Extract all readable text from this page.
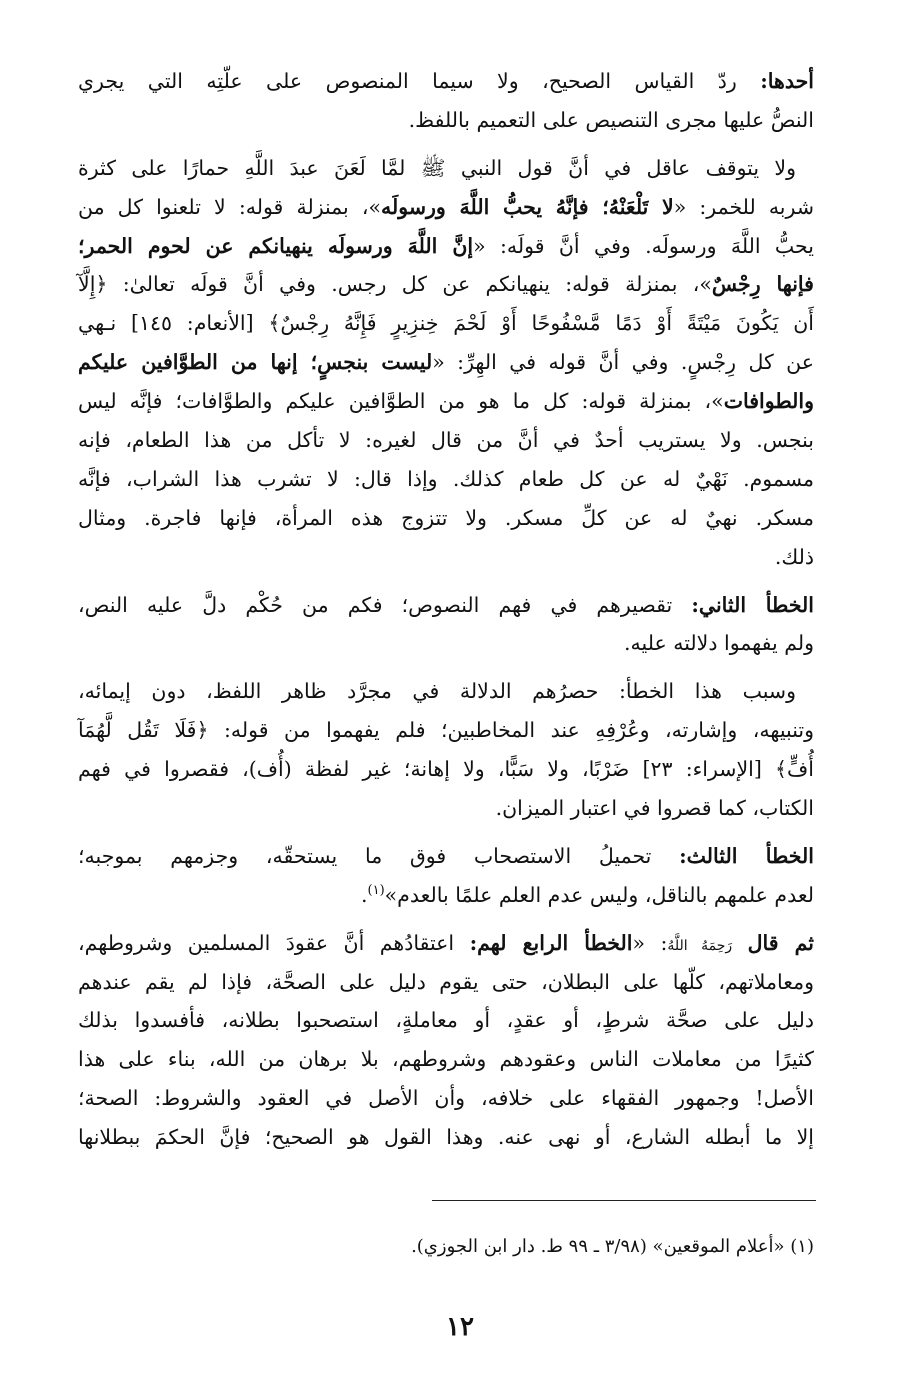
أحدها: ردّ القياس الصحيح، ولا سيما المنصوص على علّتِه التي يجري
النصُّ عليها مجرى التنصيص على التعميم باللفظ.
ولا يتوقف عاقل في أنَّ قول النبي ﷺ لمَّا لَعَنَ عبدَ اللَّهِ حمارًا على كثرة
شربه للخمر: «لا تَلْعَنْهُ؛ فإنَّهُ يحبُّ اللَّهَ ورسولَه»، بمنزلة قوله: لا تلعنوا كل من
يحبُّ اللَّهَ ورسولَه. وفي أنَّ قولَه: «إنَّ اللَّهَ ورسولَه ينهيانكم عن لحوم الحمر؛
فإنها رِجْسٌ»، بمنزلة قوله: ينهيانكم عن كل رجس. وفي أنَّ قولَه تعالىٰ: ﴿إِلَّآ
أَن يَكُونَ مَيْتَةً أَوْ دَمًا مَّسْفُوحًا أَوْ لَحْمَ خِنزِيرٍ فَإِنَّهُ رِجْسٌ﴾ [الأنعام: ١٤٥] نـهي
عن كل رِجْسٍ. وفي أنَّ قوله في الهِرِّ: «ليست بنجسٍ؛ إنها من الطوَّافين عليكم
والطوافات»، بمنزلة قوله: كل ما هو من الطوَّافين عليكم والطوَّافات؛ فإنَّه ليس
بنجس. ولا يستريب أحدٌ في أنَّ من قال لغيره: لا تأكل من هذا الطعام، فإنه
مسموم. نَهْيٌ له عن كل طعام كذلك. وإذا قال: لا تشرب هذا الشراب، فإنَّه
مسكر. نهيٌ له عن كلِّ مسكر. ولا تتزوج هذه المرأة، فإنها فاجرة. ومثال
ذلك.
الخطأ الثاني: تقصيرهم في فهم النصوص؛ فكم من حُكْم دلَّ عليه النص،
ولم يفهموا دلالته عليه.
وسبب هذا الخطأ: حصرُهم الدلالة في مجرَّد ظاهر اللفظ، دون إيمائه،
وتنبيهه، وإشارته، وعُرْفِهِ عند المخاطبين؛ فلم يفهموا من قوله: ﴿فَلَا تَقُل لَّهُمَآ
أُفٍّ﴾ [الإسراء: ٢٣] ضَرْبًا، ولا سَبًّا، ولا إهانة؛ غير لفظة (أُف)، فقصروا في فهم
الكتاب، كما قصروا في اعتبار الميزان.
الخطأ الثالث: تحميلُ الاستصحاب فوق ما يستحقّه، وجزمهم بموجبه؛
لعدم علمهم بالناقل، وليس عدم العلم علمًا بالعدم»$^{(١)}$.
ثم قال رَحِمَهُ اللَّهُ: «الخطأ الرابع لهم: اعتقادُهم أنَّ عقودَ المسلمين وشروطهم،
ومعاملاتهم، كلّها على البطلان، حتى يقوم دليل على الصحَّة، فإذا لم يقم عندهم
دليل على صحَّة شرطٍ، أو عقدٍ، أو معاملةٍ، استصحبوا بطلانه، فأفسدوا بذلك
كثيرًا من معاملات الناس وعقودهم وشروطهم، بلا برهان من الله، بناء على هذا
الأصل! وجمهور الفقهاء على خلافه، وأن الأصل في العقود والشروط: الصحة؛
إلا ما أبطله الشارع، أو نهى عنه. وهذا القول هو الصحيح؛ فإنَّ الحكمَ ببطلانها
(١) «أعلام الموقعين» (٣/٩٨ ـ ٩٩ ط. دار ابن الجوزي).
١٢
